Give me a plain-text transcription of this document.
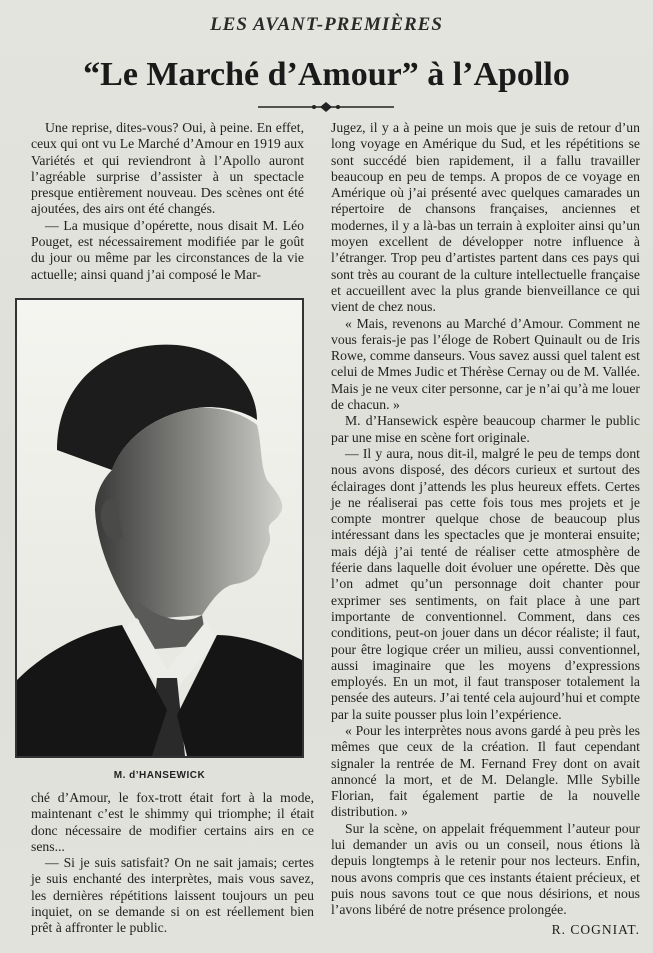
LES AVANT-PREMIÈRES
“Le Marché d’Amour” à l’Apollo

Une reprise, dites-vous? Oui, à peine. En effet, ceux qui ont vu Le Marché d’Amour en 1919 aux Variétés et qui reviendront à l’Apollo auront l’agréable surprise d’assister à un spectacle presque entièrement nouveau. Des scènes ont été ajoutées, des airs ont été changés.

— La musique d’opérette, nous disait M. Léo Pouget, est nécessairement modifiée par le goût du jour ou même par les circonstances de la vie actuelle; ainsi quand j’ai composé le Mar-

M. d’HANSEWICK

ché d’Amour, le fox-trott était fort à la mode, maintenant c’est le shimmy qui triomphe; il était donc nécessaire de modifier certains airs en ce sens...

— Si je suis satisfait? On ne sait jamais; certes je suis enchanté des interprètes, mais vous savez, les dernières répétitions laissent toujours un peu inquiet, on se demande si on est réellement bien prêt à affronter le public.

Jugez, il y a à peine un mois que je suis de retour d’un long voyage en Amérique du Sud, et les répétitions se sont succédé bien rapidement, il a fallu travailler beaucoup en peu de temps. A propos de ce voyage en Amérique où j’ai présenté avec quelques camarades un répertoire de chansons françaises, anciennes et modernes, il y a là-bas un terrain à exploiter ainsi qu’un moyen excellent de développer notre influence à l’étranger. Trop peu d’artistes partent dans ces pays qui sont très au courant de la culture intellectuelle française et accueillent avec la plus grande bienveillance ce qui vient de chez nous.

« Mais, revenons au Marché d’Amour. Comment ne vous ferais-je pas l’éloge de Robert Quinault ou de Iris Rowe, comme danseurs. Vous savez aussi quel talent est celui de Mmes Judic et Thérèse Cernay ou de M. Vallée. Mais je ne veux citer personne, car je n’ai qu’à me louer de chacun. »

M. d’Hansewick espère beaucoup charmer le public par une mise en scène fort originale.

— Il y aura, nous dit-il, malgré le peu de temps dont nous avons disposé, des décors curieux et surtout des éclairages dont j’attends les plus heureux effets. Certes je ne réaliserai pas cette fois tous mes projets et je compte montrer quelque chose de beaucoup plus intéressant dans les spectacles que je monterai ensuite; mais déjà j’ai tenté de réaliser cette atmosphère de féerie dans laquelle doit évoluer une opérette. Dès que l’on admet qu’un personnage doit chanter pour exprimer ses sentiments, on fait place à une part importante de conventionnel. Comment, dans ces conditions, peut-on jouer dans un décor réaliste; il faut, pour être logique créer un milieu, aussi conventionnel, aussi imaginaire que les moyens d’expressions employés. En un mot, il faut transposer totalement la pensée des auteurs. J’ai tenté cela aujourd’hui et compte par la suite pousser plus loin l’expérience.

« Pour les interprètes nous avons gardé à peu près les mêmes que ceux de la création. Il faut cependant signaler la rentrée de M. Fernand Frey dont on avait annoncé la mort, et de M. Delangle. Mlle Sybille Florian, fait également partie de la nouvelle distribution. »

Sur la scène, on appelait fréquemment l’auteur pour lui demander un avis ou un conseil, nous étions là depuis longtemps à le retenir pour nos lecteurs. Enfin, nous avons compris que ces instants étaient précieux, et puis nous savons tout ce que nous désirions, et nous l’avons libéré de notre présence prolongée.

R. COGNIAT.
